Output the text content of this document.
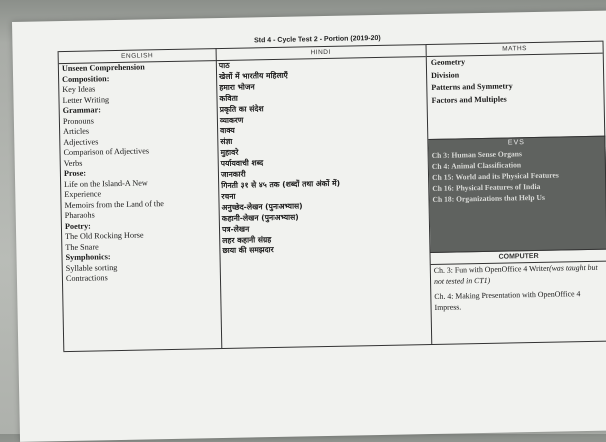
Std 4 - Cycle Test 2 - Portion (2019-20)
ENGLISH
Unseen Comprehension
Composition:
Key Ideas
Letter Writing
Grammar:
Pronouns
Articles
Adjectives
Comparison of Adjectives
Verbs
Prose:
Life on the Island-A New
Experience
Memoirs from the Land of the
Pharaohs
Poetry:
The Old Rocking Horse
The Snare
Symphonics:
Syllable sorting
Contractions
HINDI
पाठ
खेलों में भारतीय महिलाएँ
हमारा भोजन
कविता
प्रकृति का संदेश
व्याकरण
वाक्य
संज्ञा
मुहावरे
पर्यायवाची शब्द
जानकारी
गिनती ३१ से ४५ तक (शब्दों तथा अंकों में)
रचना
अनुच्छेद-लेखन (पुनःअभ्यास)
कहानी-लेखन (पुनःअभ्यास)
पत्र-लेखन
लहर कहानी संग्रह
छाया की समझदार
MATHS
Geometry
Division
Patterns and Symmetry
Factors and Multiples
EVS
Ch 3: Human Sense Organs
Ch 4: Animal Classification
Ch 15: World and its Physical Features
Ch 16: Physical Features of India
Ch 18: Organizations that Help Us
COMPUTER
Ch. 3: Fun with OpenOffice 4 Writer(was taught but not tested in CT1)
Ch. 4: Making Presentation with OpenOffice 4 Impress.
